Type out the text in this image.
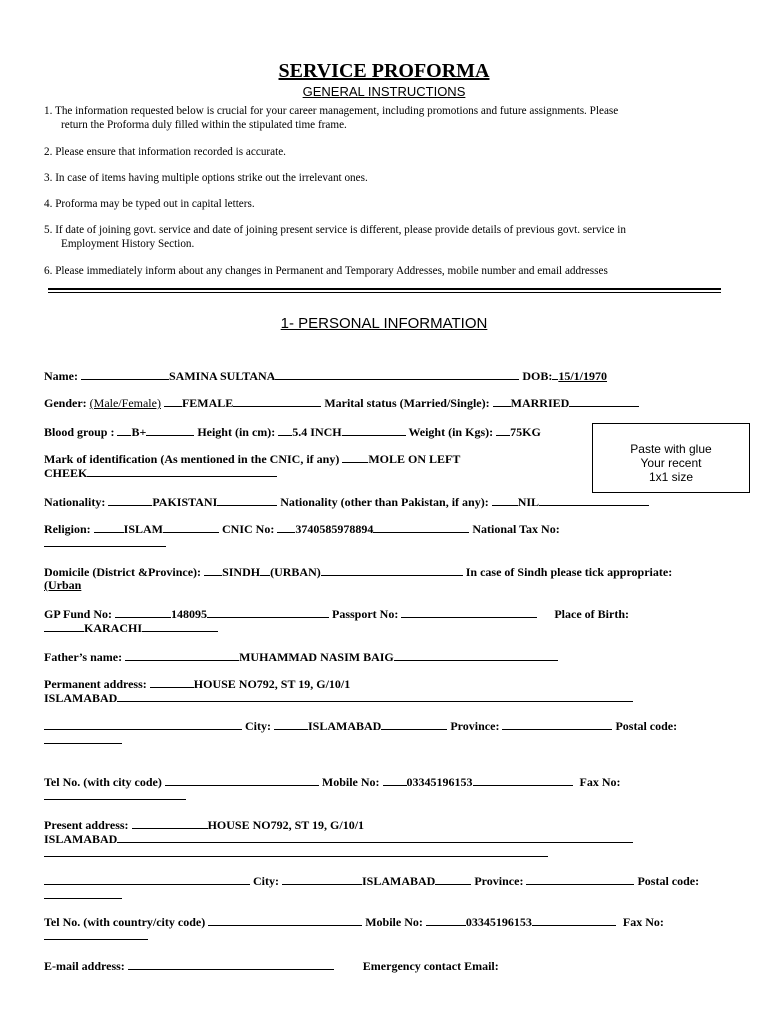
SERVICE PROFORMA
GENERAL INSTRUCTIONS
1. The information requested below is crucial for your career management, including promotions and future assignments. Please
return the Proforma duly filled within the stipulated time frame.
2. Please ensure that information recorded is accurate.
3. In case of items having multiple options strike out the irrelevant ones.
4. Proforma may be typed out in capital letters.
5. If date of joining govt. service and date of joining present service is different, please provide details of previous govt. service in
Employment History Section.
6. Please immediately inform about any changes in Permanent and Temporary Addresses, mobile number and email addresses
1- PERSONAL INFORMATION
Paste with glue
Your recent
1x1 size
Name:	SAMINA SULTANA	DOB: 15/1/1970
Gender: (Male/Female) FEMALE	Marital status (Married/Single): MARRIED
Blood group : B+	Height (in cm): 5.4 INCH	Weight (in Kgs): 75KG
Mark of identification (As mentioned in the CNIC, if any) MOLE ON LEFT
CHEEK
Nationality:	PAKISTANI	Nationality (other than Pakistan, if any): NIL
Religion:	ISLAM	CNIC No: 3740585978894	National Tax No:
Domicile (District &Province): SINDH (URBAN)	In case of Sindh please tick appropriate:
(Urban
GP Fund No:	148095	Passport No:	Place of Birth:
KARACHI
Father’s name:	MUHAMMAD NASIM BAIG
Permanent address:	HOUSE NO792, ST 19, G/10/1
ISLAMABAD
City:	ISLAMABAD	Province:	Postal code:
Tel No. (with city code)	Mobile No: 03345196153	Fax No:
Present address:	HOUSE NO792, ST 19, G/10/1
ISLAMABAD
City:	ISLAMABAD	Province:	Postal code:
Tel No. (with country/city code)	Mobile No:	03345196153	Fax No:
E-mail address:	Emergency contact Email:
